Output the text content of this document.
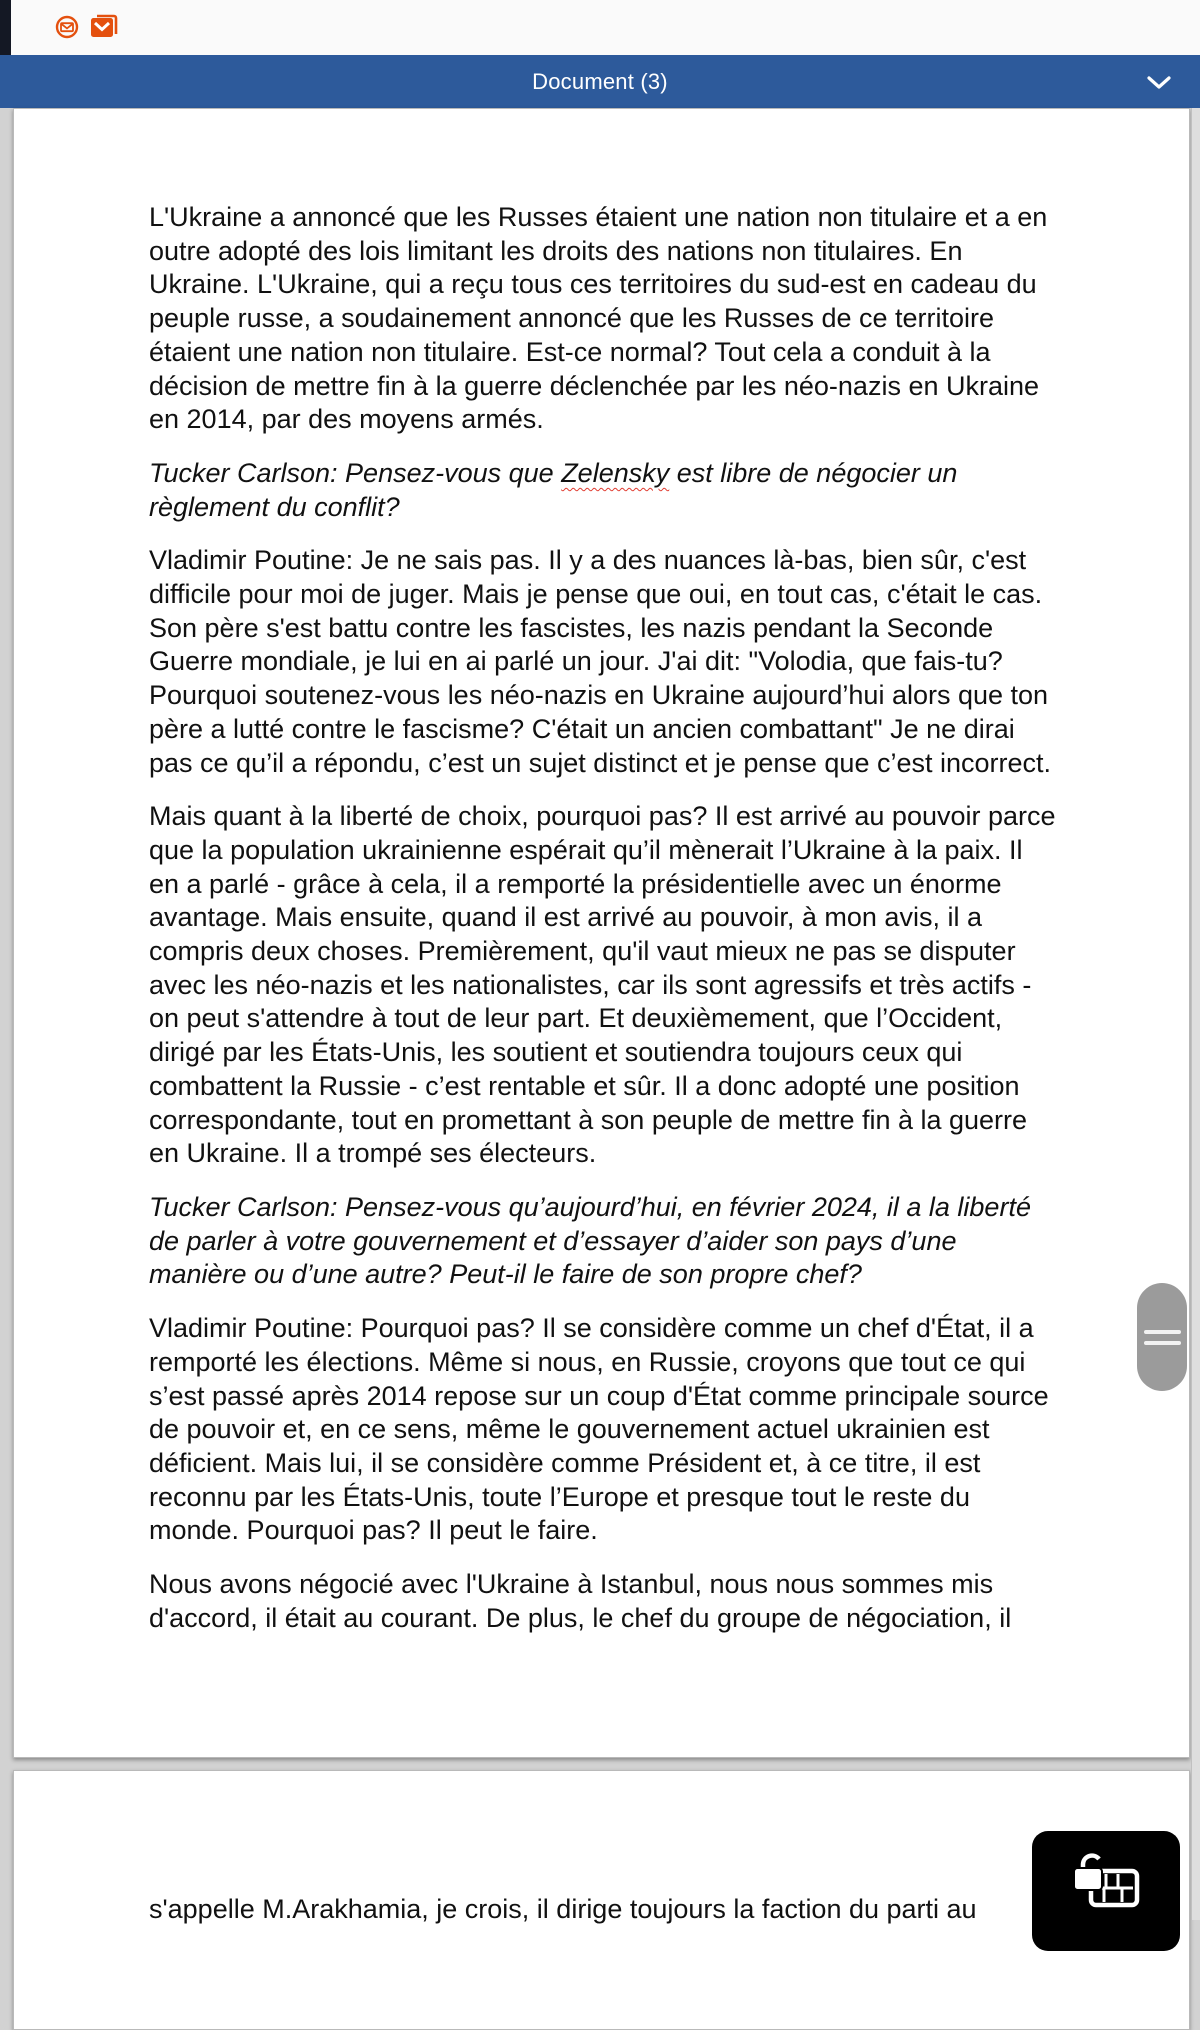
Document (3)

L'Ukraine a annoncé que les Russes étaient une nation non titulaire et a en outre adopté des lois limitant les droits des nations non titulaires. En Ukraine. L'Ukraine, qui a reçu tous ces territoires du sud-est en cadeau du peuple russe, a soudainement annoncé que les Russes de ce territoire étaient une nation non titulaire. Est-ce normal? Tout cela a conduit à la décision de mettre fin à la guerre déclenchée par les néo-nazis en Ukraine en 2014, par des moyens armés.

Tucker Carlson: Pensez-vous que Zelensky est libre de négocier un règlement du conflit?

Vladimir Poutine: Je ne sais pas. Il y a des nuances là-bas, bien sûr, c'est difficile pour moi de juger. Mais je pense que oui, en tout cas, c'était le cas. Son père s'est battu contre les fascistes, les nazis pendant la Seconde Guerre mondiale, je lui en ai parlé un jour. J'ai dit: "Volodia, que fais-tu? Pourquoi soutenez-vous les néo-nazis en Ukraine aujourd’hui alors que ton père a lutté contre le fascisme? C'était un ancien combattant" Je ne dirai pas ce qu’il a répondu, c’est un sujet distinct et je pense que c’est incorrect.

Mais quant à la liberté de choix, pourquoi pas? Il est arrivé au pouvoir parce que la population ukrainienne espérait qu’il mènerait l’Ukraine à la paix. Il en a parlé - grâce à cela, il a remporté la présidentielle avec un énorme avantage. Mais ensuite, quand il est arrivé au pouvoir, à mon avis, il a compris deux choses. Premièrement, qu'il vaut mieux ne pas se disputer avec les néo-nazis et les nationalistes, car ils sont agressifs et très actifs - on peut s'attendre à tout de leur part. Et deuxièmement, que l’Occident, dirigé par les États-Unis, les soutient et soutiendra toujours ceux qui combattent la Russie - c’est rentable et sûr. Il a donc adopté une position correspondante, tout en promettant à son peuple de mettre fin à la guerre en Ukraine. Il a trompé ses électeurs.

Tucker Carlson: Pensez-vous qu’aujourd’hui, en février 2024, il a la liberté de parler à votre gouvernement et d’essayer d’aider son pays d’une manière ou d’une autre? Peut-il le faire de son propre chef?

Vladimir Poutine: Pourquoi pas? Il se considère comme un chef d'État, il a remporté les élections. Même si nous, en Russie, croyons que tout ce qui s’est passé après 2014 repose sur un coup d'État comme principale source de pouvoir et, en ce sens, même le gouvernement actuel ukrainien est déficient. Mais lui, il se considère comme Président et, à ce titre, il est reconnu par les États-Unis, toute l’Europe et presque tout le reste du monde. Pourquoi pas? Il peut le faire.

Nous avons négocié avec l'Ukraine à Istanbul, nous nous sommes mis d'accord, il était au courant. De plus, le chef du groupe de négociation, il

s'appelle M.Arakhamia, je crois, il dirige toujours la faction du parti au
